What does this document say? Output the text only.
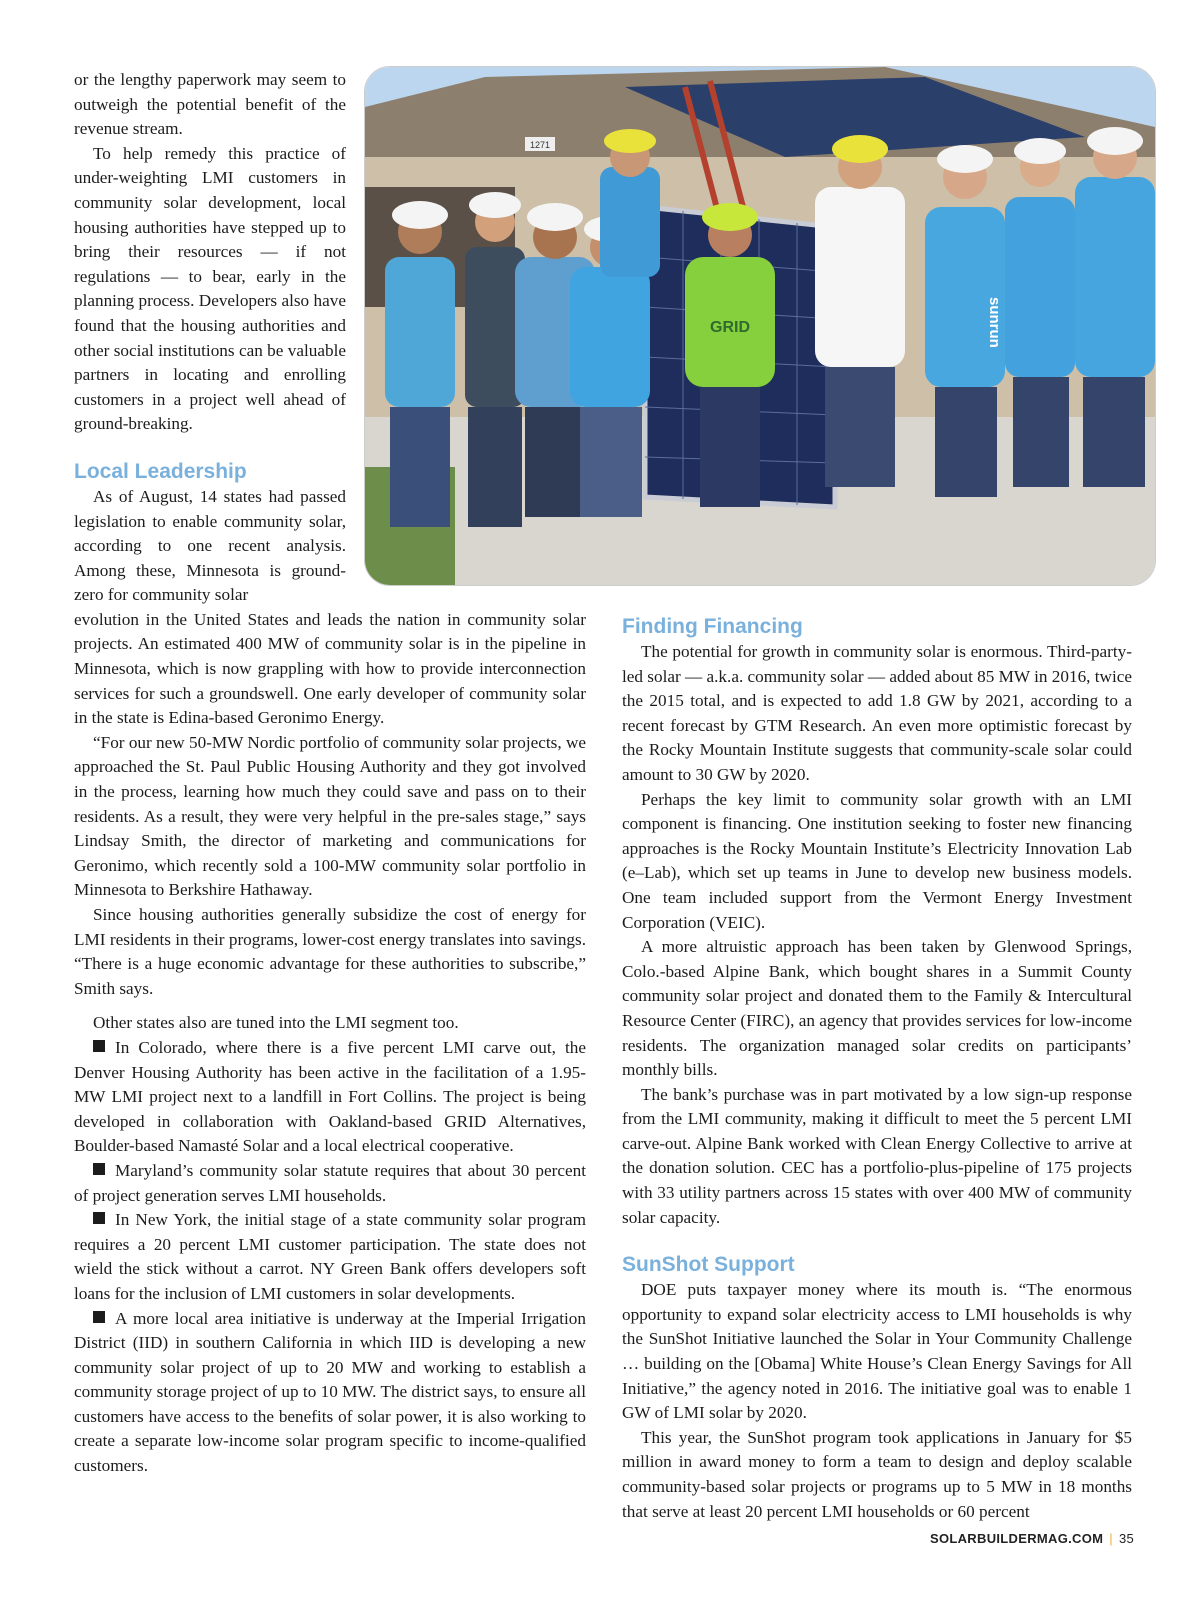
1271
GRID	sunrun

or the lengthy paperwork may seem to outweigh the potential benefit of the revenue stream.

To help remedy this practice of under-weighting LMI customers in community solar development, local housing authorities have stepped up to bring their resources — if not regulations — to bear, early in the planning process. Developers also have found that the housing authorities and other social institutions can be valuable partners in locating and enrolling customers in a project well ahead of ground-breaking.

Local Leadership

As of August, 14 states had passed legislation to enable community solar, according to one recent analysis. Among these, Minnesota is ground-zero for community solar

evolution in the United States and leads the nation in community solar projects. An estimated 400 MW of community solar is in the pipeline in Minnesota, which is now grappling with how to provide interconnection services for such a groundswell. One early developer of community solar in the state is Edina-based Geronimo Energy.

“For our new 50-MW Nordic portfolio of community solar projects, we approached the St. Paul Public Housing Authority and they got involved in the process, learning how much they could save and pass on to their residents. As a result, they were very helpful in the pre-sales stage,” says Lindsay Smith, the director of marketing and communications for Geronimo, which recently sold a 100-MW community solar portfolio in Minnesota to Berkshire Hathaway.

Since housing authorities generally subsidize the cost of energy for LMI residents in their programs, lower-cost energy translates into savings. “There is a huge economic advantage for these authorities to subscribe,” Smith says.

Other states also are tuned into the LMI segment too.

In Colorado, where there is a five percent LMI carve out, the Denver Housing Authority has been active in the facilitation of a 1.95-MW LMI project next to a landfill in Fort Collins. The project is being developed in collaboration with Oakland-based GRID Alternatives, Boulder-based Namasté Solar and a local electrical cooperative.
Maryland’s community solar statute requires that about 30 percent of project generation serves LMI households.
In New York, the initial stage of a state community solar program requires a 20 percent LMI customer participation. The state does not wield the stick without a carrot. NY Green Bank offers developers soft loans for the inclusion of LMI customers in solar developments.
A more local area initiative is underway at the Imperial Irrigation District (IID) in southern California in which IID is developing a new community solar project of up to 20 MW and working to establish a community storage project of up to 10 MW. The district says, to ensure all customers have access to the benefits of solar power, it is also working to create a separate low-income solar program specific to income-qualified customers.
Finding Financing

The potential for growth in community solar is enormous. Third-party-led solar — a.k.a. community solar — added about 85 MW in 2016, twice the 2015 total, and is expected to add 1.8 GW by 2021, according to a recent forecast by GTM Research. An even more optimistic forecast by the Rocky Mountain Institute suggests that community-scale solar could amount to 30 GW by 2020.

Perhaps the key limit to community solar growth with an LMI component is financing. One institution seeking to foster new financing approaches is the Rocky Mountain Institute’s Electricity Innovation Lab (e–Lab), which set up teams in June to develop new business models. One team included support from the Vermont Energy Investment Corporation (VEIC).

A more altruistic approach has been taken by Glenwood Springs, Colo.-based Alpine Bank, which bought shares in a Summit County community solar project and donated them to the Family & Intercultural Resource Center (FIRC), an agency that provides services for low-income residents. The organization managed solar credits on participants’ monthly bills.

The bank’s purchase was in part motivated by a low sign-up response from the LMI community, making it difficult to meet the 5 percent LMI carve-out. Alpine Bank worked with Clean Energy Collective to arrive at the donation solution. CEC has a portfolio-plus-pipeline of 175 projects with 33 utility partners across 15 states with over 400 MW of community solar capacity.

SunShot Support

DOE puts taxpayer money where its mouth is. “The enormous opportunity to expand solar electricity access to LMI households is why the SunShot Initiative launched the Solar in Your Community Challenge … building on the [Obama] White House’s Clean Energy Savings for All Initiative,” the agency noted in 2016. The initiative goal was to enable 1 GW of LMI solar by 2020.

This year, the SunShot program took applications in January for $5 million in award money to form a team to design and deploy scalable community-based solar projects or programs up to 5 MW in 18 months that serve at least 20 percent LMI households or 60 percent

SOLARBUILDERMAG.COM | 35
